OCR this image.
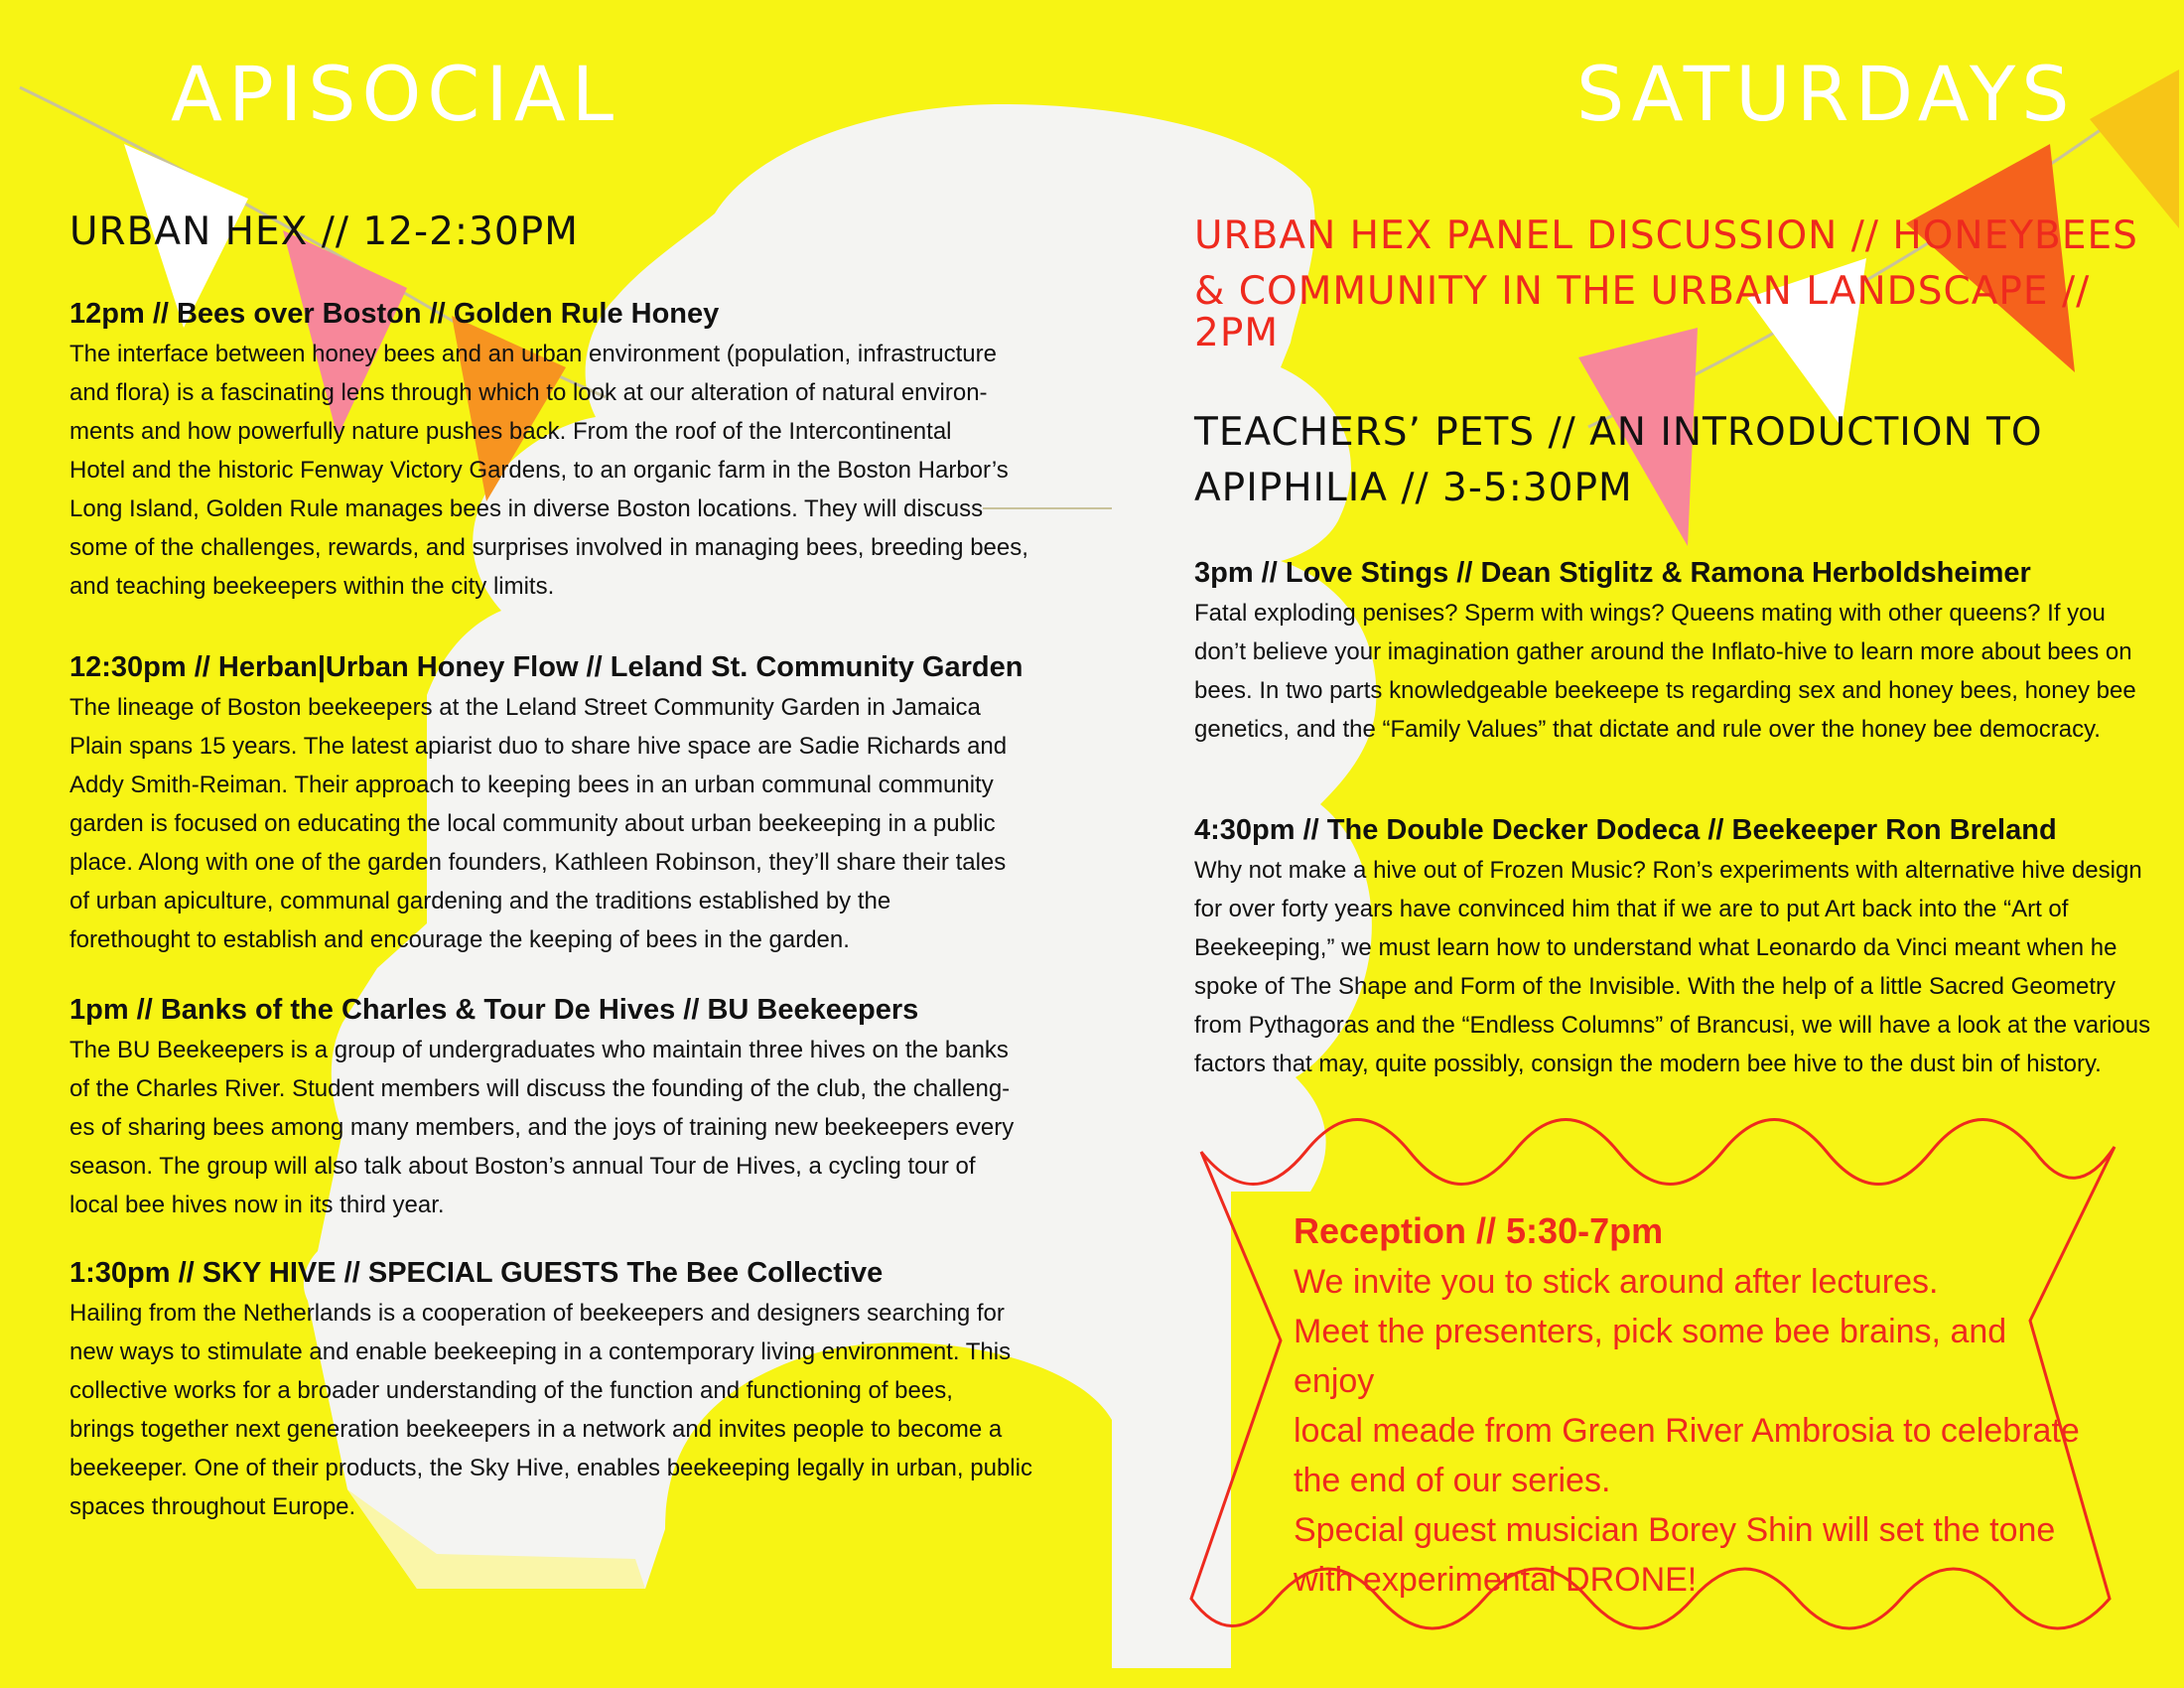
APISOCIAL	SATURDAYS
URBAN HEX // 12-2:30PM

12pm // Bees over Boston // Golden Rule Honey

The interface between honey bees and an urban environment (population, infrastructure

and flora) is a fascinating lens through which to look at our alteration of natural environ-

ments and how powerfully nature pushes back. From the roof of the Intercontinental

Hotel and the historic Fenway Victory Gardens, to an organic farm in the Boston Harbor’s

Long Island, Golden Rule manages bees in diverse Boston locations. They will discuss

some of the challenges, rewards, and surprises involved in managing bees, breeding bees,

and teaching beekeepers within the city limits.

12:30pm // Herban|Urban Honey Flow // Leland St. Community Garden

The lineage of Boston beekeepers at the Leland Street Community Garden in Jamaica

Plain spans 15 years. The latest apiarist duo to share hive space are Sadie Richards and

Addy Smith-Reiman. Their approach to keeping bees in an urban communal community

garden is focused on educating the local community about urban beekeeping in a public

place. Along with one of the garden founders, Kathleen Robinson, they’ll share their tales

of urban apiculture, communal gardening and the traditions established by the

forethought to establish and encourage the keeping of bees in the garden.

1pm // Banks of the Charles & Tour De Hives // BU Beekeepers

The BU Beekeepers is a group of undergraduates who maintain three hives on the banks

of the Charles River. Student members will discuss the founding of the club, the challeng-

es of sharing bees among many members, and the joys of training new beekeepers every

season. The group will also talk about Boston’s annual Tour de Hives, a cycling tour of

local bee hives now in its third year.

1:30pm // SKY HIVE // SPECIAL GUESTS The Bee Collective

Hailing from the Netherlands is a cooperation of beekeepers and designers searching for

new ways to stimulate and enable beekeeping in a contemporary living environment. This

collective works for a broader understanding of the function and functioning of bees,

brings together next generation beekeepers in a network and invites people to become a

beekeeper. One of their products, the Sky Hive, enables beekeeping legally in urban, public

spaces throughout Europe.

URBAN HEX PANEL DISCUSSION // HONEYBEES
& COMMUNITY IN THE URBAN LANDSCAPE //
2PM
TEACHERS’ PETS // AN INTRODUCTION TO
APIPHILIA // 3-5:30PM

3pm // Love Stings // Dean Stiglitz & Ramona Herboldsheimer

Fatal exploding penises? Sperm with wings? Queens mating with other queens? If you

don’t believe your imagination gather around the Inflato-hive to learn more about bees on

bees. In two parts knowledgeable beekeepe ts regarding sex and honey bees, honey bee

genetics, and the “Family Values” that dictate and rule over the honey bee democracy.

4:30pm // The Double Decker Dodeca // Beekeeper Ron Breland

Why not make a hive out of Frozen Music? Ron’s experiments with alternative hive design

for over forty years have convinced him that if we are to put Art back into the “Art of

Beekeeping,” we must learn how to understand what Leonardo da Vinci meant when he

spoke of The Shape and Form of the Invisible. With the help of a little Sacred Geometry

from Pythagoras and the “Endless Columns” of Brancusi, we will have a look at the various

factors that may, quite possibly, consign the modern bee hive to the dust bin of history.

Reception // 5:30-7pm

We invite you to stick around after lectures.

Meet the presenters, pick some bee brains, and enjoy

local meade from Green River Ambrosia to celebrate

the end of our series.

Special guest musician Borey Shin will set the tone

with experimental DRONE!
